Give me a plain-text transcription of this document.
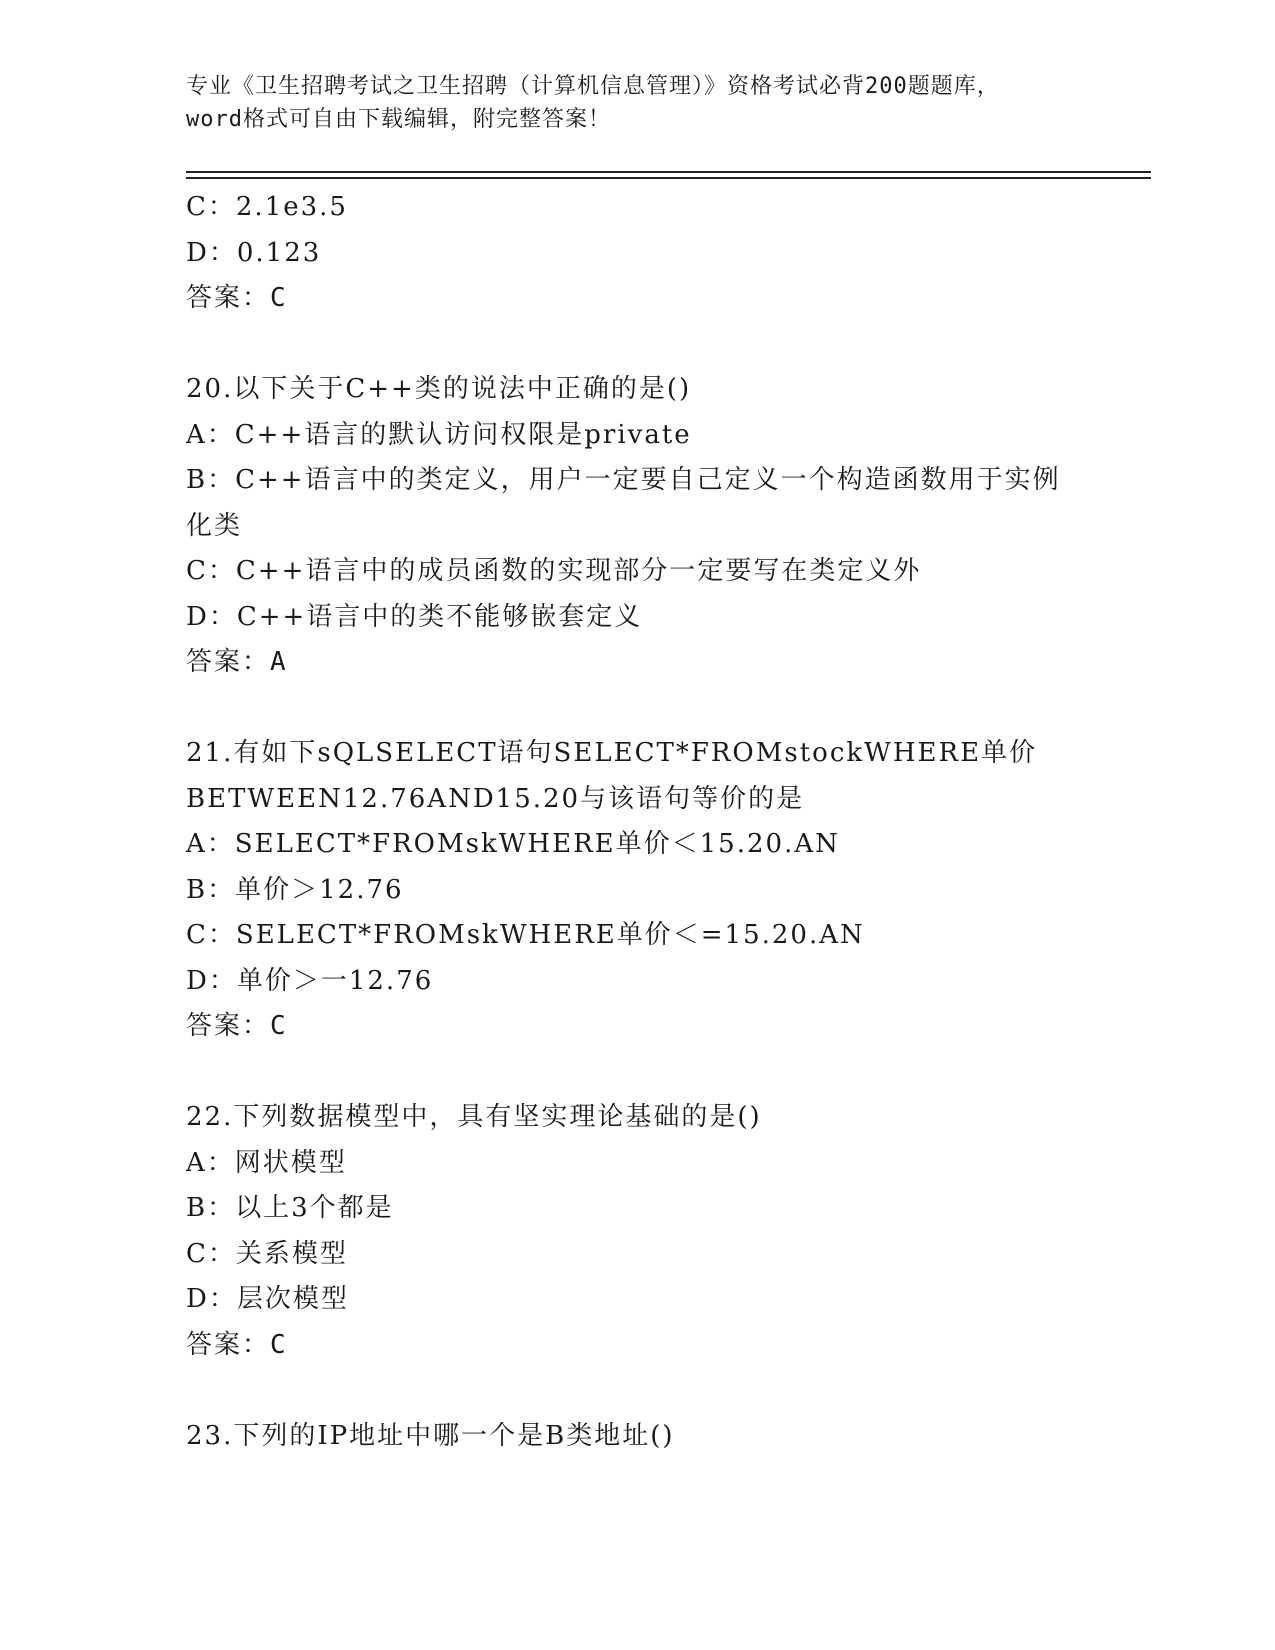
专业《卫生招聘考试之卫生招聘（计算机信息管理）》资格考试必背200题题库，

word格式可自由下载编辑，附完整答案！

C：2.1e3.5
D：0.123
答案：C
20.以下关于C++类的说法中正确的是()
A：C++语言的默认访问权限是private
B：C++语言中的类定义，用户一定要自己定义一个构造函数用于实例
化类
C：C++语言中的成员函数的实现部分一定要写在类定义外
D：C++语言中的类不能够嵌套定义
答案：A
21.有如下sQLSELECT语句SELECT*FROMstockWHERE单价
BETWEEN12.76AND15.20与该语句等价的是
A：SELECT*FROMskWHERE单价＜15.20.AN
B：单价＞12.76
C：SELECT*FROMskWHERE单价＜=15.20.AN
D：单价＞一12.76
答案：C
22.下列数据模型中，具有坚实理论基础的是()
A：网状模型
B：以上3个都是
C：关系模型
D：层次模型
答案：C
23.下列的IP地址中哪一个是B类地址()
